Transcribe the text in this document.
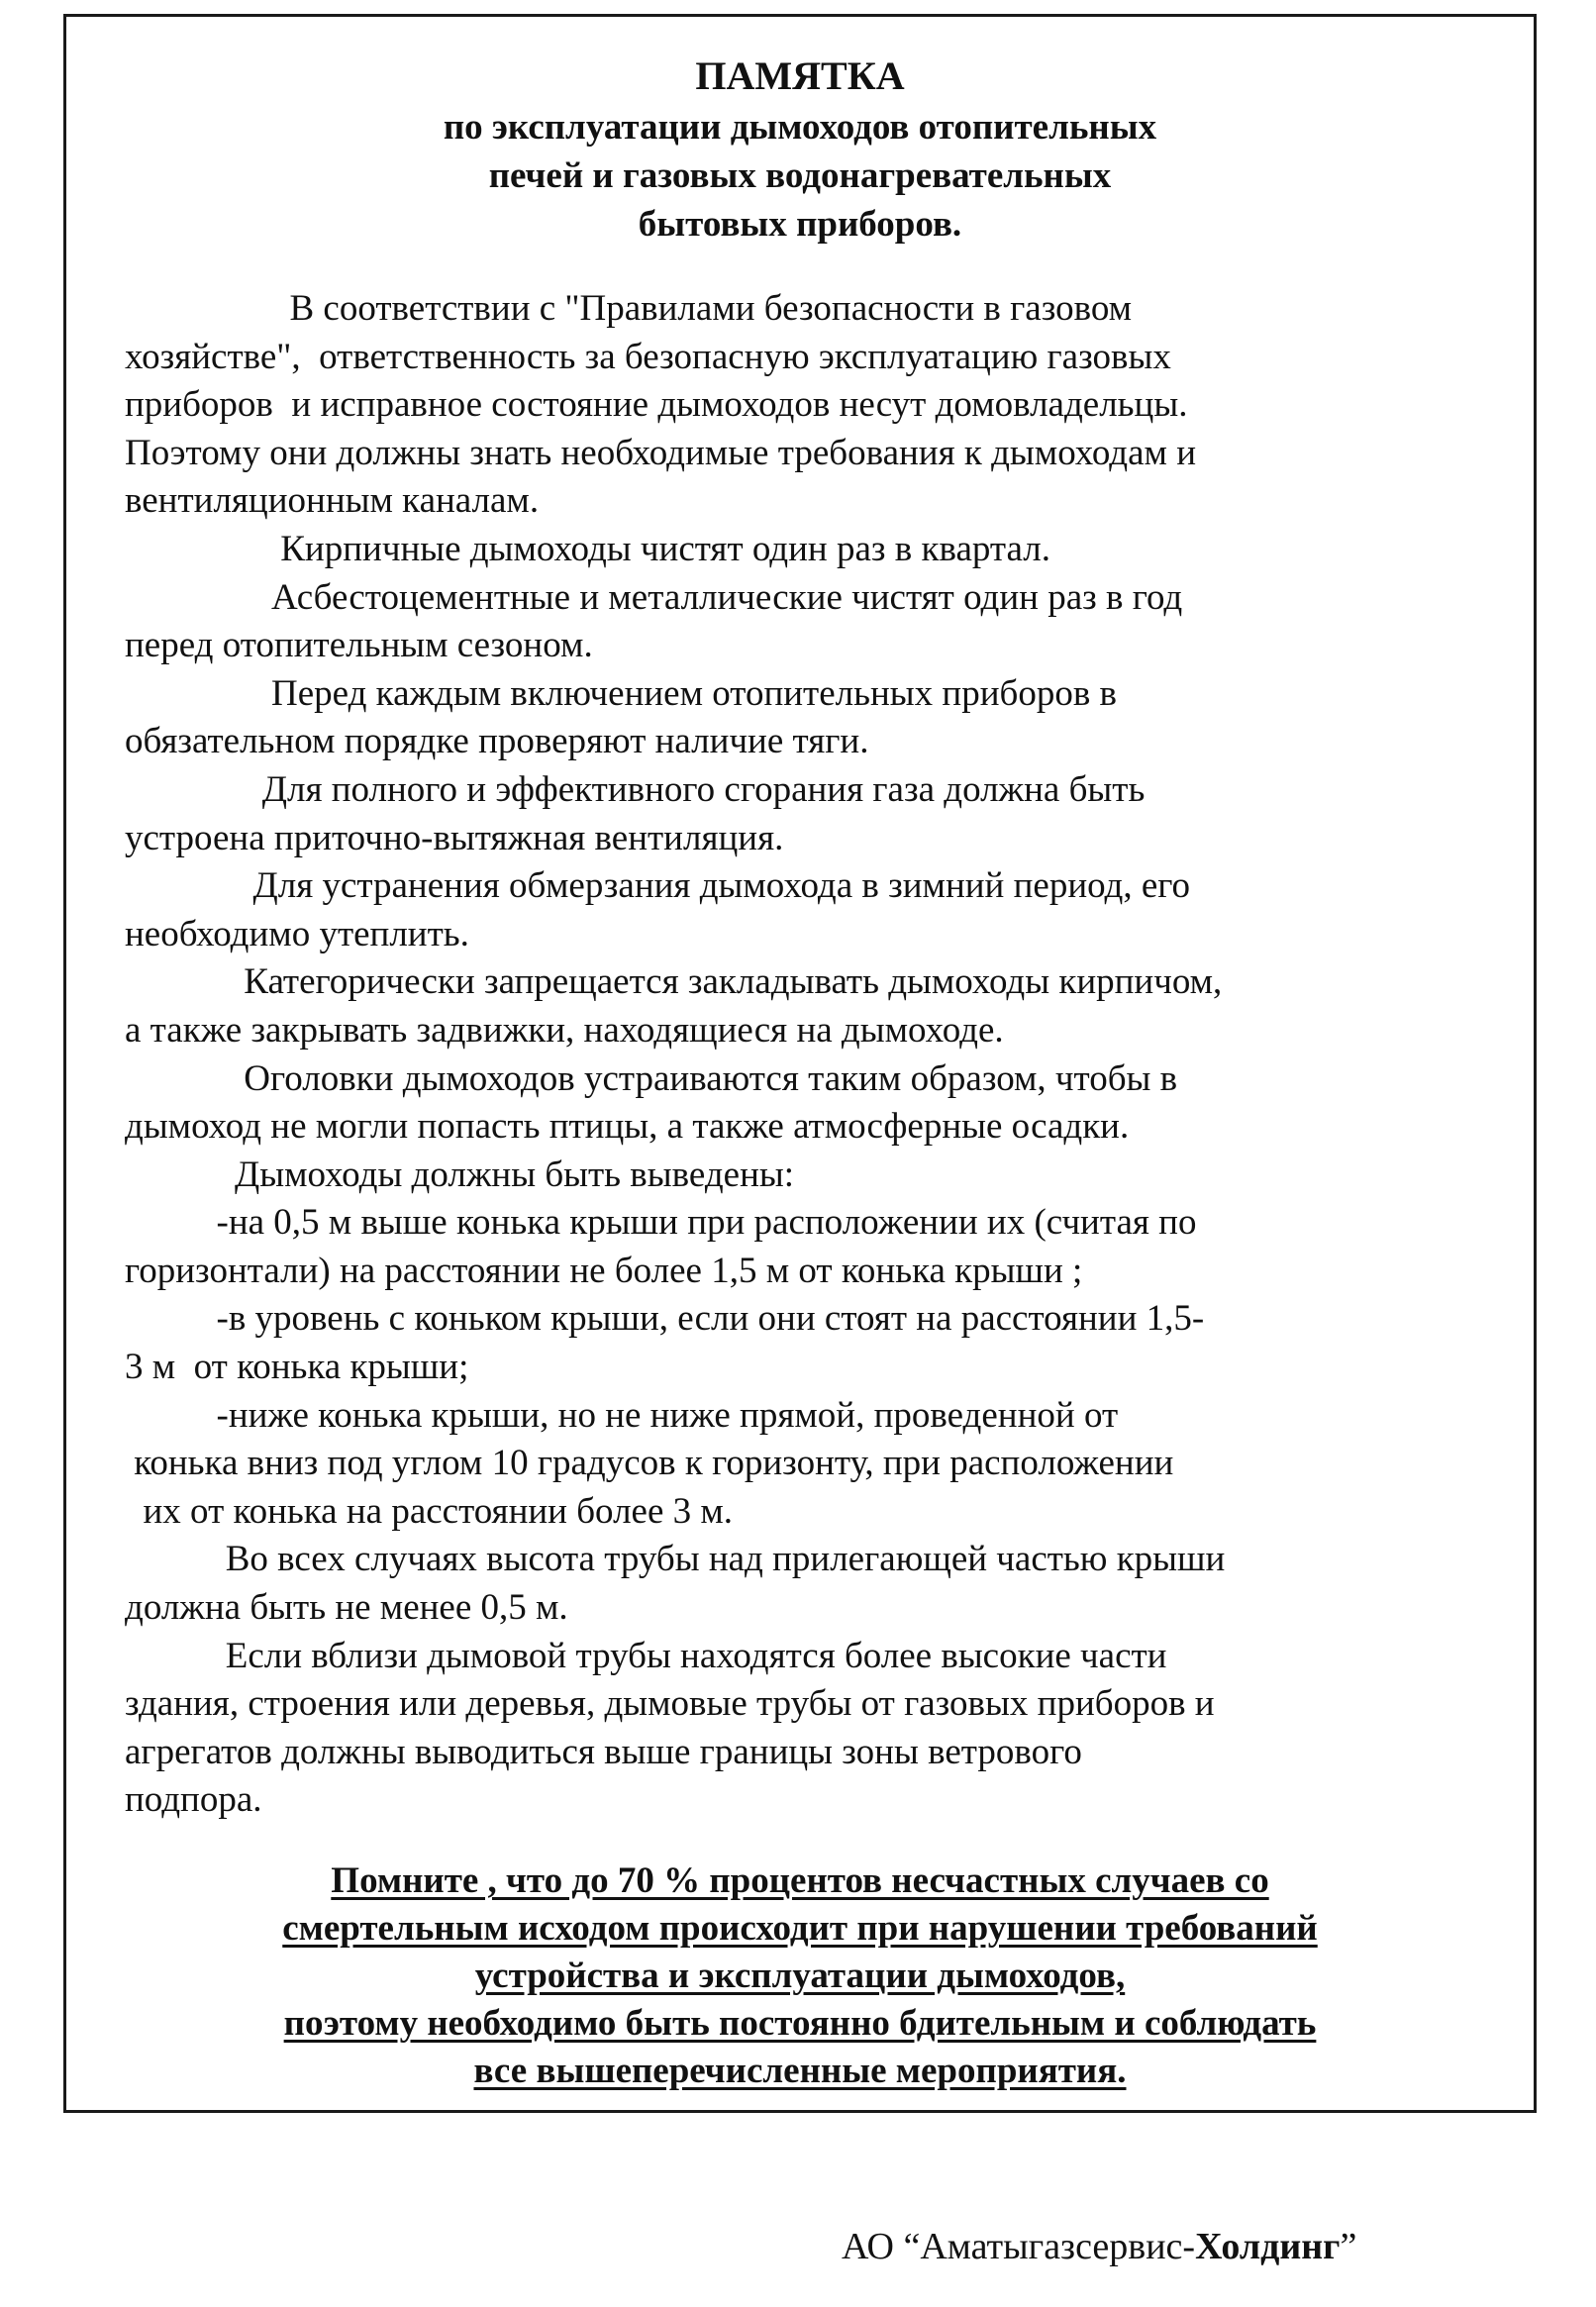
ПАМЯТКА
по эксплуатации дымоходов отопительных
печей и газовых водонагревательных
бытовых приборов.
В соответствии с "Правилами безопасности в газовом
хозяйстве",  ответственность за безопасную эксплуатацию газовых
приборов  и исправное состояние дымоходов несут домовладельцы.
Поэтому они должны знать необходимые требования к дымоходам и
вентиляционным каналам.
Кирпичные дымоходы чистят один раз в квартал.
Асбестоцементные и металлические чистят один раз в год
перед отопительным сезоном.
Перед каждым включением отопительных приборов в
обязательном порядке проверяют наличие тяги.
Для полного и эффективного сгорания газа должна быть
устроена приточно-вытяжная вентиляция.
Для устранения обмерзания дымохода в зимний период, его
необходимо утеплить.
Категорически запрещается закладывать дымоходы кирпичом,
а также закрывать задвижки, находящиеся на дымоходе.
Оголовки дымоходов устраиваются таким образом, чтобы в
дымоход не могли попасть птицы, а также атмосферные осадки.
Дымоходы должны быть выведены:
-на 0,5 м выше конька крыши при расположении их (считая по
горизонтали) на расстоянии не более 1,5 м от конька крыши ;
-в уровень с коньком крыши, если они стоят на расстоянии 1,5-
3 м  от конька крыши;
-ниже конька крыши, но не ниже прямой, проведенной от
конька вниз под углом 10 градусов к горизонту, при расположении
их от конька на расстоянии более 3 м.
Во всех случаях высота трубы над прилегающей частью крыши
должна быть не менее 0,5 м.
Если вблизи дымовой трубы находятся более высокие части
здания, строения или деревья, дымовые трубы от газовых приборов и
агрегатов должны выводиться выше границы зоны ветрового
подпора.
Помните , что до 70 % процентов несчастных случаев со
смертельным исходом происходит при нарушении требований
устройства и эксплуатации дымоходов,
поэтому необходимо быть постоянно бдительным и соблюдать
все вышеперечисленные мероприятия.
АО “Аматыгазсервис-Холдинг”
